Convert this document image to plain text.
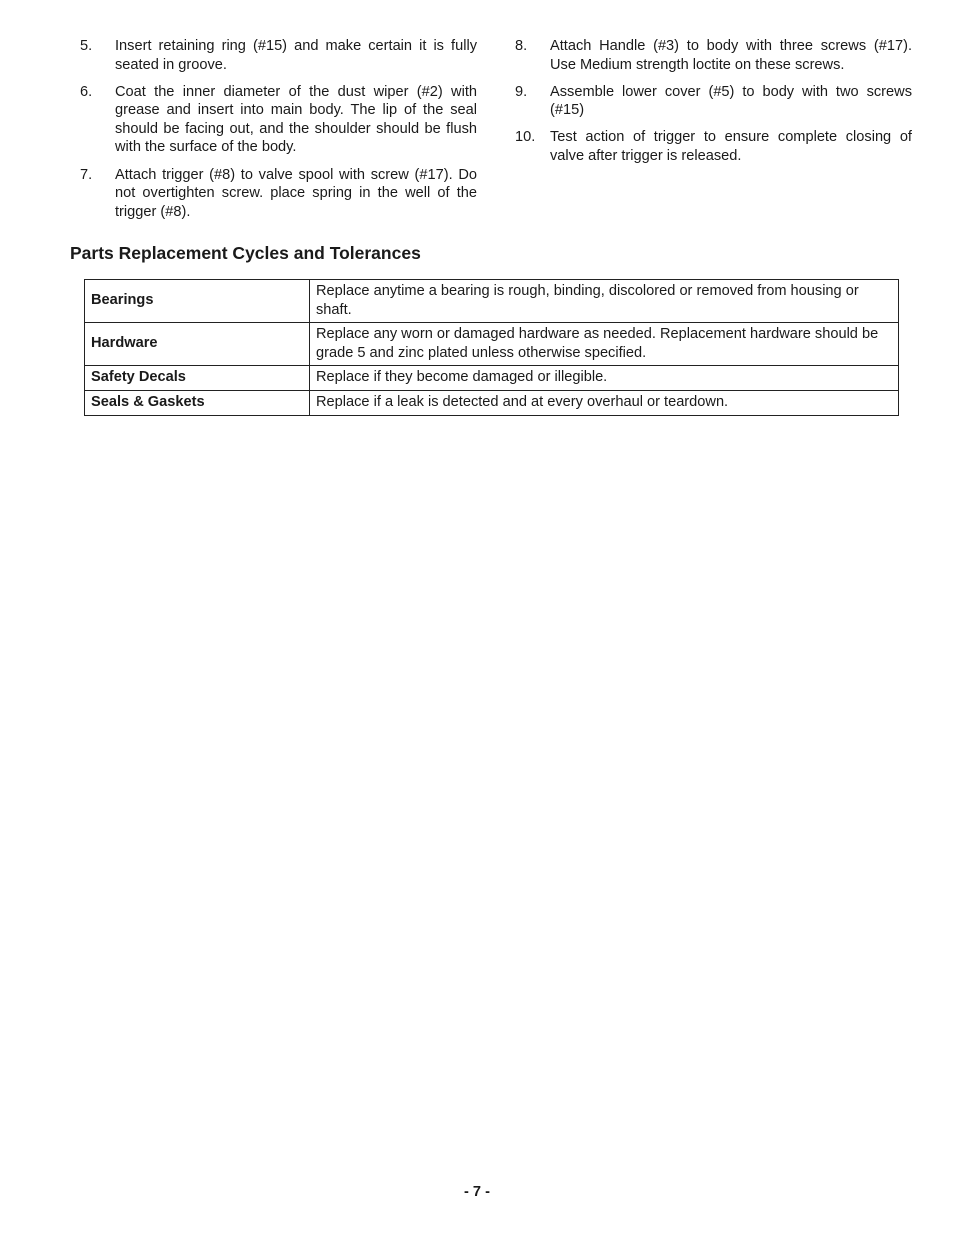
5.	Insert retaining ring (#15) and make certain it is fully seated in groove.
6.	Coat the inner diameter of the dust wiper (#2) with grease and insert into main body. The lip of the seal should be facing out, and the shoulder should be flush with the surface of the body.
7.	Attach trigger (#8) to valve spool with screw (#17). Do not overtighten screw. place spring in the well of the trigger (#8).
8.	Attach Handle (#3) to body with three screws (#17). Use Medium strength loctite on these screws.
9.	Assemble lower cover (#5) to body with two screws (#15)
10.	Test action of trigger to ensure complete closing of valve after trigger is released.
Parts Replacement Cycles and Tolerances
Bearings	Replace anytime a bearing is rough, binding, discolored or removed from housing or shaft.
Hardware	Replace any worn or damaged hardware as needed. Replacement hardware should be grade 5 and zinc plated unless otherwise specified.
Safety Decals	Replace if they become damaged or illegible.
Seals & Gaskets	Replace if a leak is detected and at every overhaul or teardown.
- 7 -
